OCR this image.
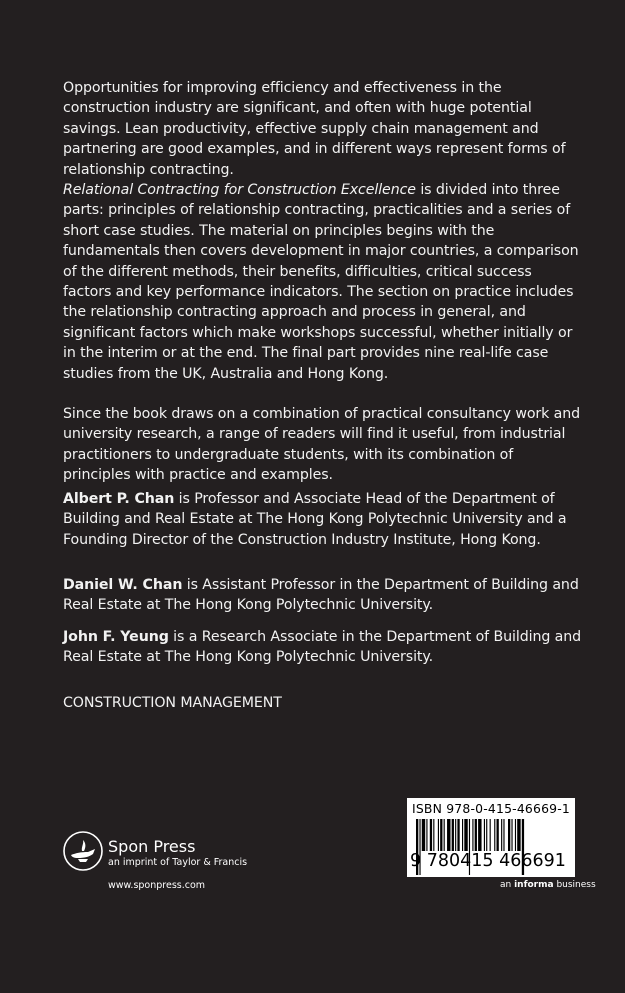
Opportunities for improving efficiency and effectiveness in the construction industry are significant, and often with huge potential savings. Lean productivity, effective supply chain management and partnering are good examples, and in different ways represent forms of relationship contracting.

Relational Contracting for Construction Excellence is divided into three parts: principles of relationship contracting, practicalities and a series of short case studies. The material on principles begins with the fundamentals then covers development in major countries, a comparison of the different methods, their benefits, difficulties, critical success factors and key performance indicators. The section on practice includes the relationship contracting approach and process in general, and significant factors which make workshops successful, whether initially or in the interim or at the end. The final part provides nine real-life case studies from the UK, Australia and Hong Kong.

Since the book draws on a combination of practical consultancy work and university research, a range of readers will find it useful, from industrial practitioners to undergraduate students, with its combination of principles with practice and examples.

Albert P. Chan is Professor and Associate Head of the Department of Building and Real Estate at The Hong Kong Polytechnic University and a Founding Director of the Construction Industry Institute, Hong Kong.

Daniel W. Chan is Assistant Professor in the Department of Building and Real Estate at The Hong Kong Polytechnic University.

John F. Yeung is a Research Associate in the Department of Building and Real Estate at The Hong Kong Polytechnic University.

CONSTRUCTION MANAGEMENT
Spon Press
an imprint of Taylor & Francis
www.sponpress.com
ISBN 978-0-415-46669-1
9 780415 466691
an informa business
